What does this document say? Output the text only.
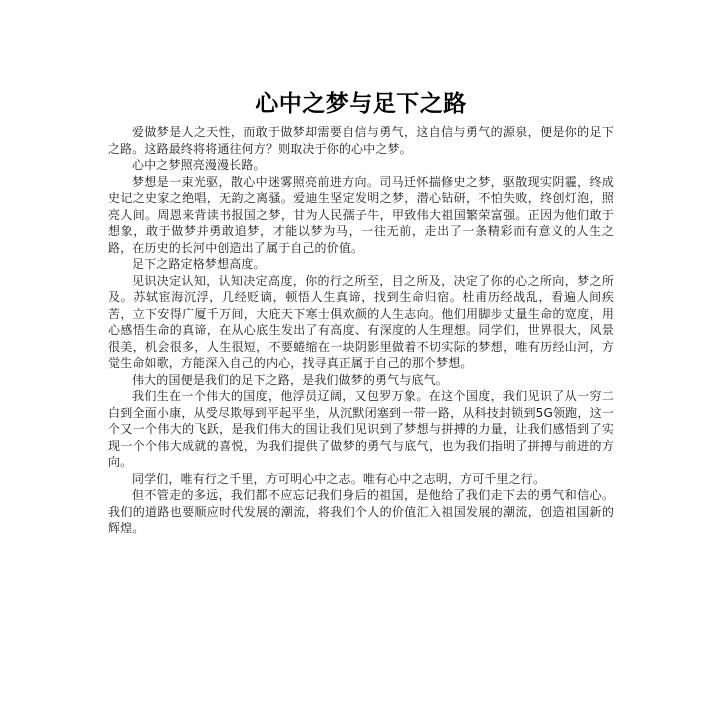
心中之梦与足下之路

爱做梦是人之天性，而敢于做梦却需要自信与勇气，这自信与勇气的源泉，便是你的足下之路。这路最终将将通往何方？则取决于你的心中之梦。

心中之梦照亮漫漫长路。

梦想是一束光驱，散心中迷雾照亮前进方向。司马迁怀揣修史之梦，驱散现实阴霾，终成史记之史家之绝唱，无韵之离骚。爱迪生坚定发明之梦，潜心钻研，不怕失败，终创灯泡，照亮人间。周恩来背读书报国之梦，甘为人民孺子牛，甲致伟大祖国繁荣富强。正因为他们敢于想象，敢于做梦并勇敢追梦，才能以梦为马，一往无前，走出了一条精彩而有意义的人生之路，在历史的长河中创造出了属于自己的价值。

足下之路定格梦想高度。

见识决定认知，认知决定高度，你的行之所至，目之所及，决定了你的心之所向，梦之所及。苏轼宦海沉浮，几经贬谪，顿悟人生真谛，找到生命归宿。杜甫历经战乱，看遍人间疾苦，立下安得广厦千万间，大庇天下寒士俱欢颜的人生志向。他们用脚步丈量生命的宽度，用心感悟生命的真谛，在从心底生发出了有高度、有深度的人生理想。同学们，世界很大，风景很美，机会很多，人生很短，不要蜷缩在一块阴影里做着不切实际的梦想，唯有历经山河，方觉生命如歌，方能深入自己的内心，找寻真正属于自己的那个梦想。

伟大的国便是我们的足下之路，是我们做梦的勇气与底气。

我们生在一个伟大的国度，他浮员辽阔，又包罗万象。在这个国度，我们见识了从一穷二白到全面小康，从受尽欺辱到平起平坐，从沉默闭塞到一带一路，从科技封锁到5G领跑，这一个又一个伟大的飞跃，是我们伟大的国让我们见识到了梦想与拼搏的力量，让我们感悟到了实现一个个伟大成就的喜悦，为我们提供了做梦的勇气与底气，也为我们指明了拼搏与前进的方向。

同学们，唯有行之千里，方可明心中之志。唯有心中之志明，方可千里之行。

但不管走的多远，我们都不应忘记我们身后的祖国，是他给了我们走下去的勇气和信心。我们的道路也要顺应时代发展的潮流，将我们个人的价值汇入祖国发展的潮流，创造祖国新的辉煌。
